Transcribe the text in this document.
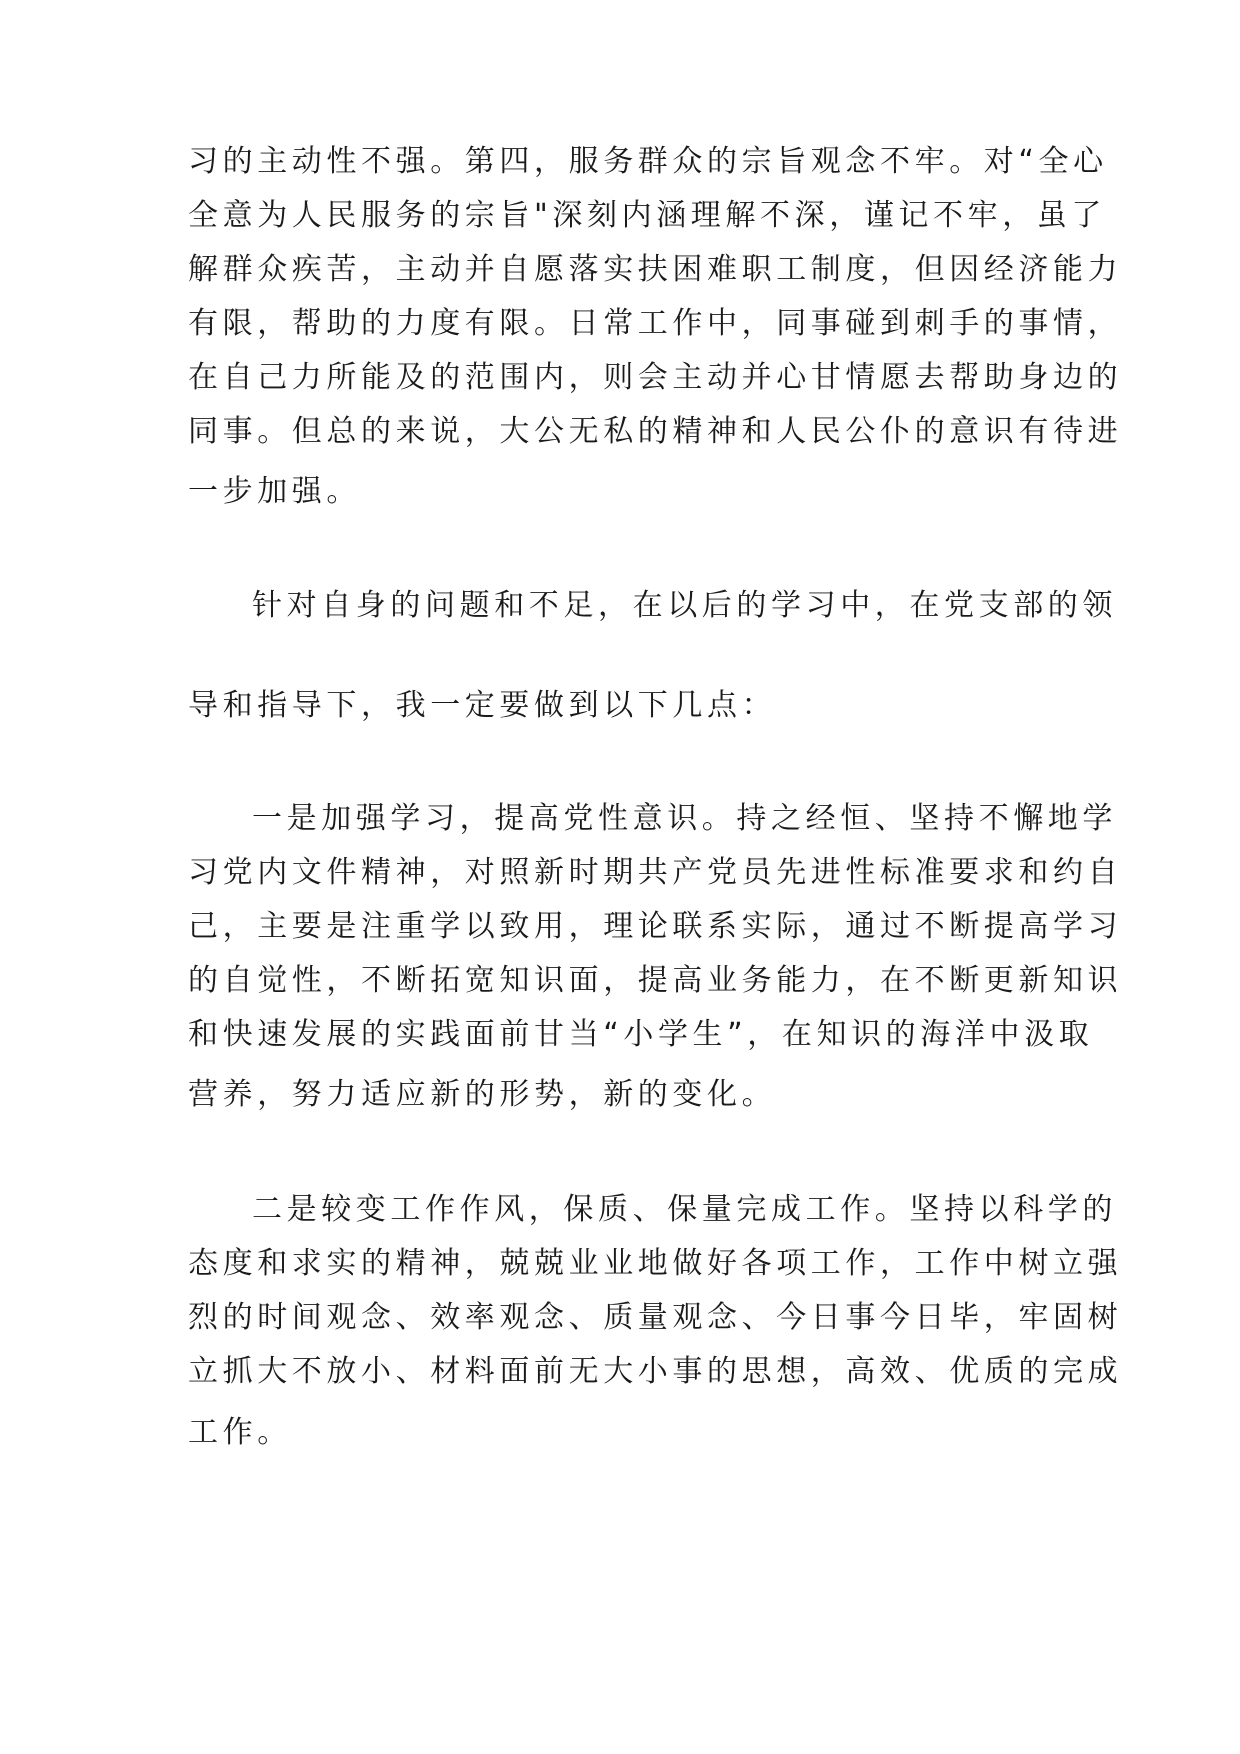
习的主动性不强。第四，服务群众的宗旨观念不牢。对“全心
全意为人民服务的宗旨"深刻内涵理解不深，谨记不牢，虽了
解群众疾苦，主动并自愿落实扶困难职工制度，但因经济能力
有限，帮助的力度有限。日常工作中，同事碰到刺手的事情，
在自己力所能及的范围内，则会主动并心甘情愿去帮助身边的
同事。但总的来说，大公无私的精神和人民公仆的意识有待进
一步加强。
针对自身的问题和不足，在以后的学习中，在党支部的领
导和指导下，我一定要做到以下几点：
一是加强学习，提高党性意识。持之经恒、坚持不懈地学
习党内文件精神，对照新时期共产党员先进性标准要求和约自
己，主要是注重学以致用，理论联系实际，通过不断提高学习
的自觉性，不断拓宽知识面，提高业务能力，在不断更新知识
和快速发展的实践面前甘当“小学生”，在知识的海洋中汲取
营养，努力适应新的形势，新的变化。
二是较变工作作风，保质、保量完成工作。坚持以科学的
态度和求实的精神，兢兢业业地做好各项工作，工作中树立强
烈的时间观念、效率观念、质量观念、今日事今日毕，牢固树
立抓大不放小、材料面前无大小事的思想，高效、优质的完成
工作。
